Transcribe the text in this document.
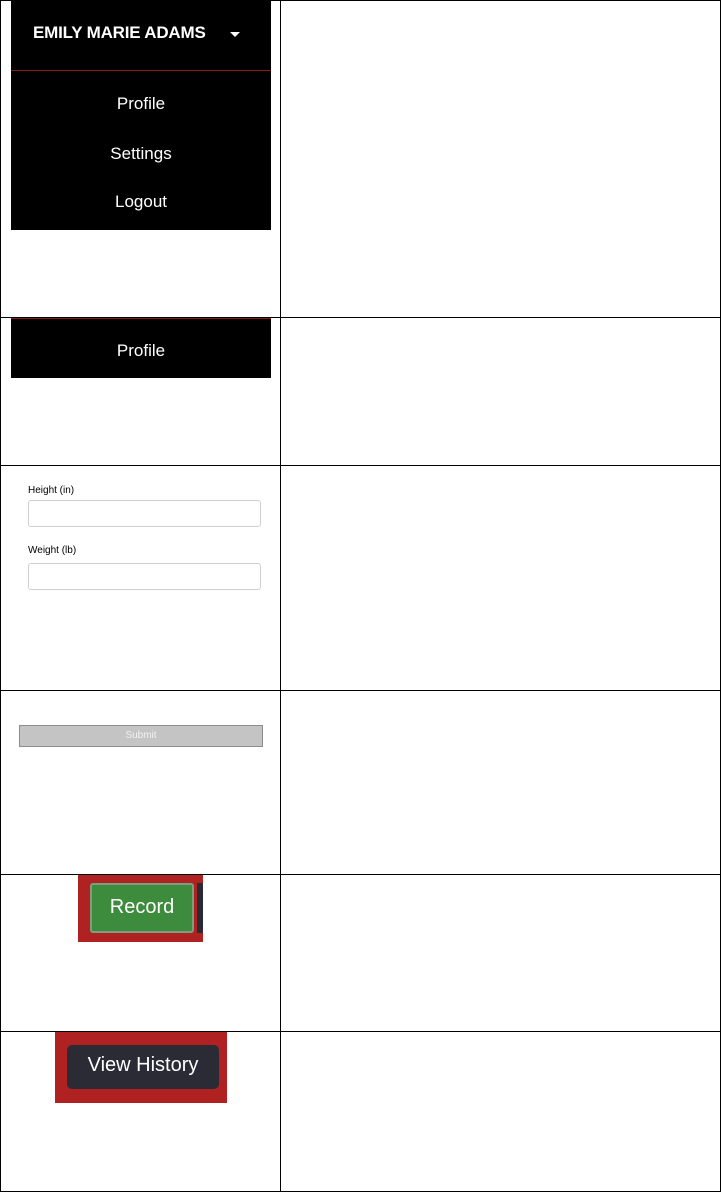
EMILY MARIE ADAMS
Profile
Settings
Logout
Profile
Height (in)
Weight (lb)
Submit
Record
View History
